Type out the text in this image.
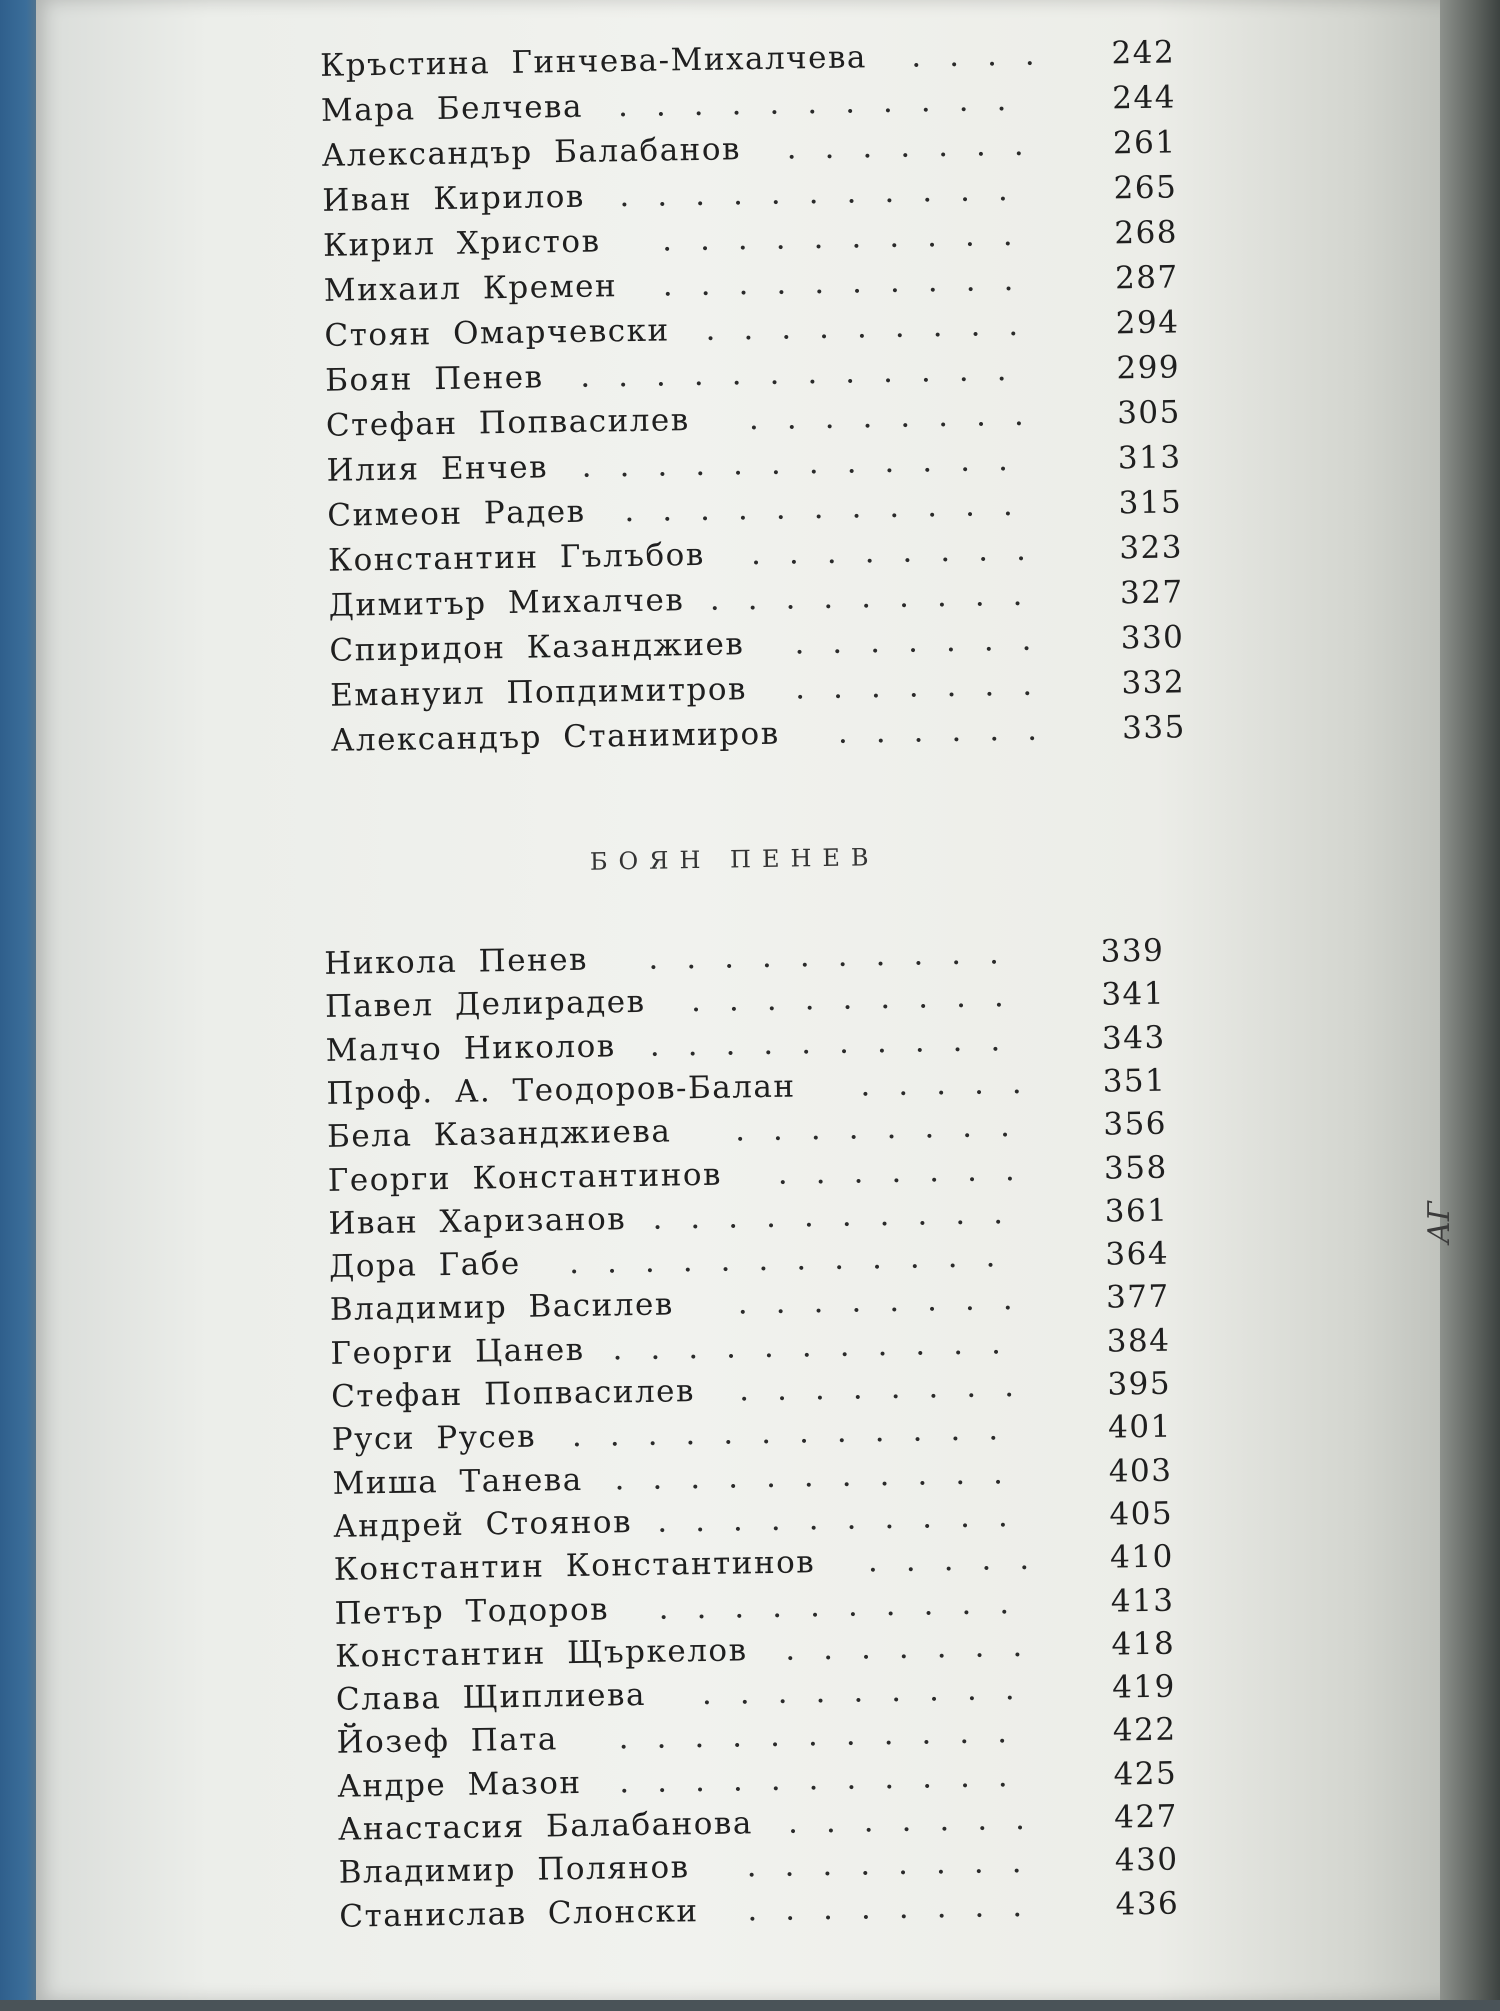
Кръстина Гинчева-Михалчева ....	242
Мара Белчева ...........	244
Александър Балабанов .......	261
Иван Кирилов ...........	265
Кирил Христов ..........	268
Михаил Кремен ..........	287
Стоян Омарчевски .........	294
Боян Пенев ............	299
Стефан Попвасилев ........	305
Илия Енчев ............	313
Симеон Радев ...........	315
Константин Гълъбов ........	323
Димитър Михалчев .........	327
Спиридон Казанджиев .......	330
Емануил Попдимитров .......	332
Александър Станимиров ......	335
БОЯН ПЕНЕВ
Никола Пенев ..........	339
Павел Делирадев .........	341
Малчо Николов ..........	343
Проф. А. Теодоров-Балан .....	351
Бела Казанджиева ........	356
Георги Константинов .......	358
Иван Харизанов ..........	361
Дора Габе ............	364
Владимир Василев ........	377
Георги Цанев ...........	384
Стефан Попвасилев ........	395
Руси Русев ............	401
Миша Танева ...........	403
Андрей Стоянов ..........	405
Константин Константинов .....	410
Петър Тодоров ..........	413
Константин Щъркелов .......	418
Слава Щиплиева .........	419
Йозеф Пата ...........	422
Андре Мазон ...........	425
Анастасия Балабанова .......	427
Владимир Полянов ........	430
Станислав Слонски ........	436
АГ
